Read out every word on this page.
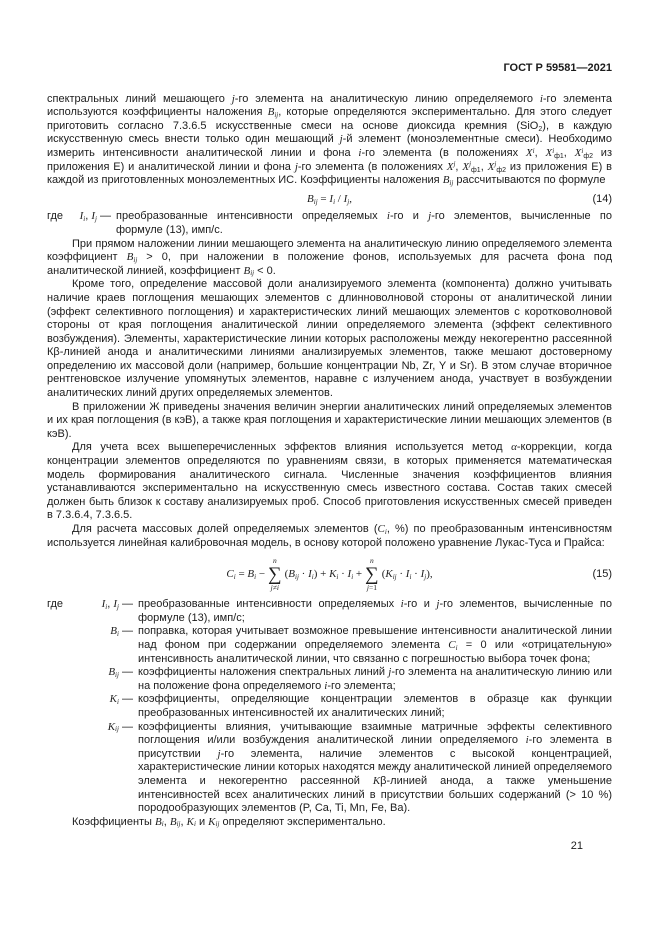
ГОСТ Р 59581—2021

спектральных линий мешающего j-го элемента на аналитическую линию определяемого i-го элемента используются коэффициенты наложения $B_{ij}$, которые определяются экспериментально. Для этого следует приготовить согласно 7.3.6.5 искусственные смеси на основе диоксида кремния (SiO$_2$), в каждую искусственную смесь внести только один мешающий j-й элемент (моноэлементные смеси). Необходимо измерить интенсивности аналитической линии и фона i-го элемента (в положениях $X^i$, $X^i_{ф1}$, $X^i_{ф2}$ из приложения Е) и аналитической линии и фона j-го элемента (в положениях $X^j$, $X^j_{ф1}$, $X^j_{ф2}$ из приложения Е) в каждой из приготовленных моноэлементных ИС. Коэффициенты наложения $B_{ij}$ рассчитываются по формуле

$B_{ij} = I_i / I_j$,	(14)
где	$I_i$, $I_j$ — преобразованные интенсивности определяемых i-го и j-го элементов, вычисленные по формуле (13), имп/с.

При прямом наложении линии мешающего элемента на аналитическую линию определяемого элемента коэффициент $B_{ij} > 0$, при наложении в положение фонов, используемых для расчета фона под аналитической линией, коэффициент $B_{ij} < 0$.

Кроме того, определение массовой доли анализируемого элемента (компонента) должно учитывать наличие краев поглощения мешающих элементов с длинноволновой стороны от аналитической линии (эффект селективного поглощения) и характеристических линий мешающих элементов с коротковолновой стороны от края поглощения аналитической линии определяемого элемента (эффект селективного возбуждения). Элементы, характеристические линии которых расположены между некогерентно рассеянной Кβ-линией анода и аналитическими линиями анализируемых элементов, также мешают достоверному определению их массовой доли (например, большие концентрации Nb, Zr, Y и Sr). В этом случае вторичное рентгеновское излучение упомянутых элементов, наравне с излучением анода, участвует в возбуждении аналитических линий других определяемых элементов.

В приложении Ж приведены значения величин энергии аналитических линий определяемых элементов и их края поглощения (в кэВ), а также края поглощения и характеристические линии мешающих элементов (в кэВ).

Для учета всех вышеперечисленных эффектов влияния используется метод α-коррекции, когда концентрации элементов определяются по уравнениям связи, в которых применяется математическая модель формирования аналитического сигнала. Численные значения коэффициентов влияния устанавливаются экспериментально на искусственную смесь известного состава. Состав таких смесей должен быть близок к составу анализируемых проб. Способ приготовления искусственных смесей приведен в 7.3.6.4, 7.3.6.5.

Для расчета массовых долей определяемых элементов ($C_i$, %) по преобразованным интенсивностям используется линейная калибровочная модель, в основу которой положено уравнение Лукас-Туса и Прайса:

$C_i = B_i$ −
n
∑
j≠i
$(B_{ij} \cdot I_i) + K_i \cdot I_i$ +
n
∑
j=1
$(K_{ij} \cdot I_i \cdot I_j)$,	(15)
где	$I_i$, $I_j$ — преобразованные интенсивности определяемых i-го и j-го элементов, вычисленные по формуле (13), имп/с;
$B_i$ — поправка, которая учитывает возможное превышение интенсивности аналитической линии над фоном при содержании определяемого элемента $C_i = 0$ или «отрицательную» интенсивность аналитической линии, что связанно с погрешностью выбора точек фона;
$B_{ij}$ — коэффициенты наложения спектральных линий j-го элемента на аналитическую линию или на положение фона определяемого i-го элемента;
$K_i$ — коэффициенты, определяющие концентрации элементов в образце как функции преобразованных интенсивностей их аналитических линий;
$K_{ij}$ — коэффициенты влияния, учитывающие взаимные матричные эффекты селективного поглощения и/или возбуждения аналитической линии определяемого i-го элемента в присутствии j-го элемента, наличие элементов с высокой концентрацией, характеристические линии которых находятся между аналитической линией определяемого элемента и некогерентно рассеянной Kβ-линией анода, а также уменьшение интенсивностей всех аналитических линий в присутствии больших содержаний (> 10 %) породообразующих элементов (P, Ca, Ti, Mn, Fe, Ba).

Коэффициенты $B_i$, $B_{ij}$, $K_i$ и $K_{ij}$ определяют экспериментально.

21
